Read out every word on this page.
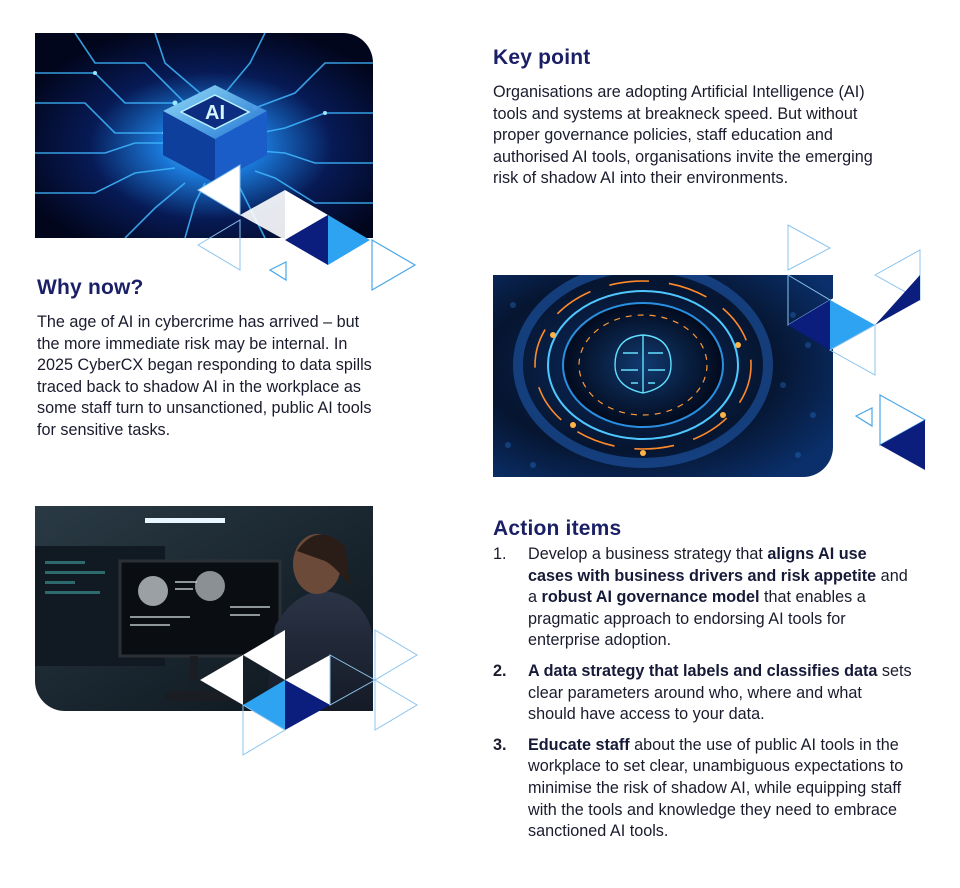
AI
Key point
Organisations are adopting Artificial Intelligence (AI) tools and systems at breakneck speed. But without proper governance policies, staff education and authorised AI tools, organisations invite the emerging risk of shadow AI into their environments.
Why now?
The age of AI in cybercrime has arrived – but the more immediate risk may be internal. In 2025 CyberCX began responding to data spills traced back to shadow AI in the workplace as some staff turn to unsanctioned, public AI tools for sensitive tasks.
Action items
1. Develop a business strategy that aligns AI use cases with business drivers and risk appetite and a robust AI governance model that enables a pragmatic approach to endorsing AI tools for enterprise adoption.
2. A data strategy that labels and classifies data sets clear parameters around who, where and what should have access to your data.
3. Educate staff about the use of public AI tools in the workplace to set clear, unambiguous expectations to minimise the risk of shadow AI, while equipping staff with the tools and knowledge they need to embrace sanctioned AI tools.
